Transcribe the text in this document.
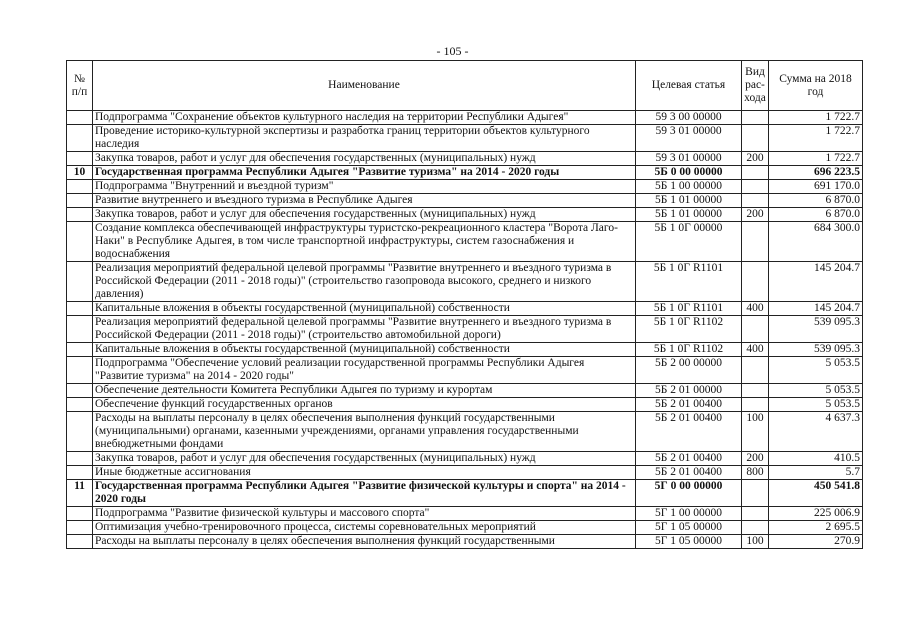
- 105 -
№ п/п	Наименование	Целевая статья	Вид рас-хода	Сумма на 2018 год
	Подпрограмма "Сохранение объектов культурного наследия на территории Республики Адыгея"	59 3 00 00000		1 722.7
	Проведение историко-культурной экспертизы и разработка границ территории объектов культурного наследия	59 3 01 00000		1 722.7
	Закупка товаров, работ и услуг для обеспечения государственных (муниципальных) нужд	59 3 01 00000	200	1 722.7
10	Государственная программа Республики Адыгея "Развитие туризма" на 2014 - 2020 годы	5Б 0 00 00000		696 223.5
	Подпрограмма "Внутренний и въездной туризм"	5Б 1 00 00000		691 170.0
	Развитие внутреннего и въездного туризма в Республике Адыгея	5Б 1 01 00000		6 870.0
	Закупка товаров, работ и услуг для обеспечения государственных (муниципальных) нужд	5Б 1 01 00000	200	6 870.0
	Создание комплекса обеспечивающей инфраструктуры туристско-рекреационного кластера "Ворота Лаго-Наки" в Республике Адыгея, в том числе транспортной инфраструктуры, систем газоснабжения и водоснабжения	5Б 1 0Г 00000		684 300.0
	Реализация мероприятий федеральной целевой программы "Развитие внутреннего и въездного туризма в Российской Федерации (2011 - 2018 годы)" (строительство газопровода высокого, среднего и низкого давления)	5Б 1 0Г R1101		145 204.7
	Капитальные вложения в объекты государственной (муниципальной) собственности	5Б 1 0Г R1101	400	145 204.7
	Реализация мероприятий федеральной целевой программы "Развитие внутреннего и въездного туризма в Российской Федерации (2011 - 2018 годы)" (строительство автомобильной дороги)	5Б 1 0Г R1102		539 095.3
	Капитальные вложения в объекты государственной (муниципальной) собственности	5Б 1 0Г R1102	400	539 095.3
	Подпрограмма "Обеспечение условий реализации государственной программы Республики Адыгея "Развитие туризма" на 2014 - 2020 годы"	5Б 2 00 00000		5 053.5
	Обеспечение деятельности Комитета Республики Адыгея по туризму и курортам	5Б 2 01 00000		5 053.5
	Обеспечение функций государственных органов	5Б 2 01 00400		5 053.5
	Расходы на выплаты персоналу в целях обеспечения выполнения функций государственными (муниципальными) органами, казенными учреждениями, органами управления государственными внебюджетными фондами	5Б 2 01 00400	100	4 637.3
	Закупка товаров, работ и услуг для обеспечения государственных (муниципальных) нужд	5Б 2 01 00400	200	410.5
	Иные бюджетные ассигнования	5Б 2 01 00400	800	5.7
11	Государственная программа Республики Адыгея "Развитие физической культуры и спорта" на 2014 - 2020 годы	5Г 0 00 00000		450 541.8
	Подпрограмма "Развитие физической культуры и массового спорта"	5Г 1 00 00000		225 006.9
	Оптимизация учебно-тренировочного процесса, системы соревновательных мероприятий	5Г 1 05 00000		2 695.5
	Расходы на выплаты персоналу в целях обеспечения выполнения функций государственными	5Г 1 05 00000	100	270.9
